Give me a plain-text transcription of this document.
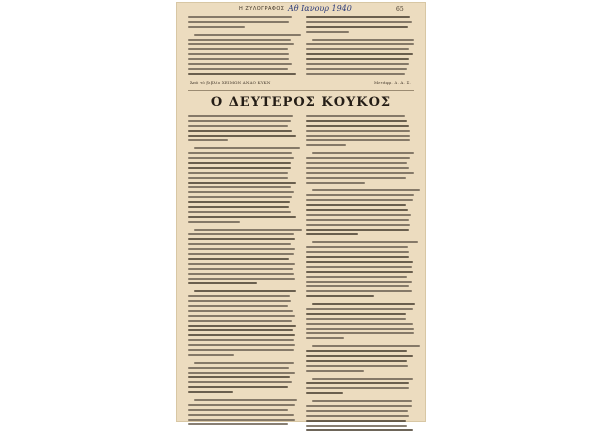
Η ΖΥΛΟΓΡΑΦΟΣ Αθ Ιανουρ 1940	65
Ἀπὸ τὸ βιβλίο ΧΕΙΜΩΝ ΑΝΑΟ ΚΥΚΝ	Μετάφρ. Δ. Α. Σ.
Ο ΔΕΥΤΕΡΟΣ ΚΟΥΚΟΣ
